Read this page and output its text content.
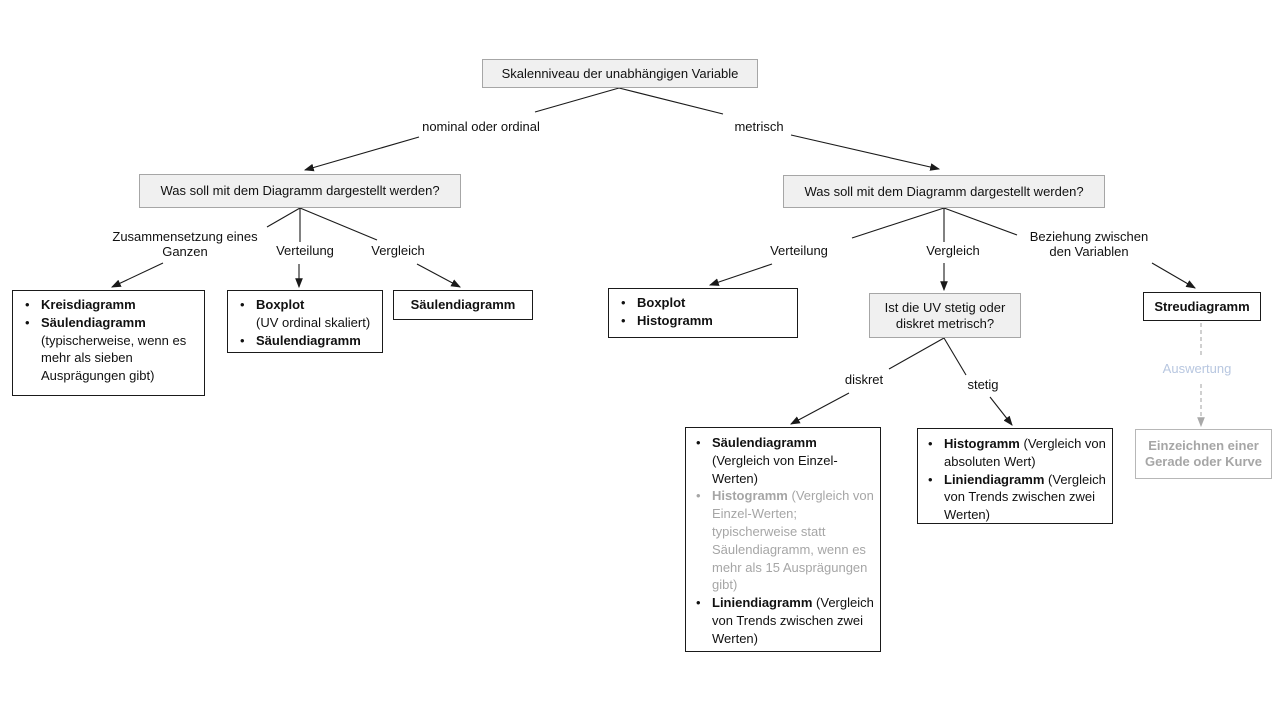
Skalenniveau der unabhängigen Variable
nominal oder ordinal	metrisch
Was soll mit dem Diagramm dargestellt werden?	Was soll mit dem Diagramm dargestellt werden?
Zusammensetzung eines Ganzen	Verteilung	Vergleich	Verteilung	Vergleich
Beziehung zwischen den Variablen
•
Kreisdiagramm
•
Säulendiagramm (typischerweise, wenn es mehr als sieben Ausprägungen gibt)
•
Boxplot
(UV ordinal skaliert)
•
Säulendiagramm
Säulendiagramm •	Boxplot
•
Histogramm
Ist die UV stetig oder diskret metrisch?
Streudiagramm
diskret	stetig
Auswertung
•
Säulendiagramm (Vergleich von Einzel-Werten)
•
Histogramm (Vergleich von Einzel-Werten; typischerweise statt Säulendiagramm, wenn es mehr als 15 Ausprägungen gibt)
•
Liniendiagramm (Vergleich von Trends zwischen zwei Werten)
•
Histogramm (Vergleich von absoluten Wert)
•
Liniendiagramm (Vergleich von Trends zwischen zwei Werten)
Einzeichnen einer Gerade oder Kurve
